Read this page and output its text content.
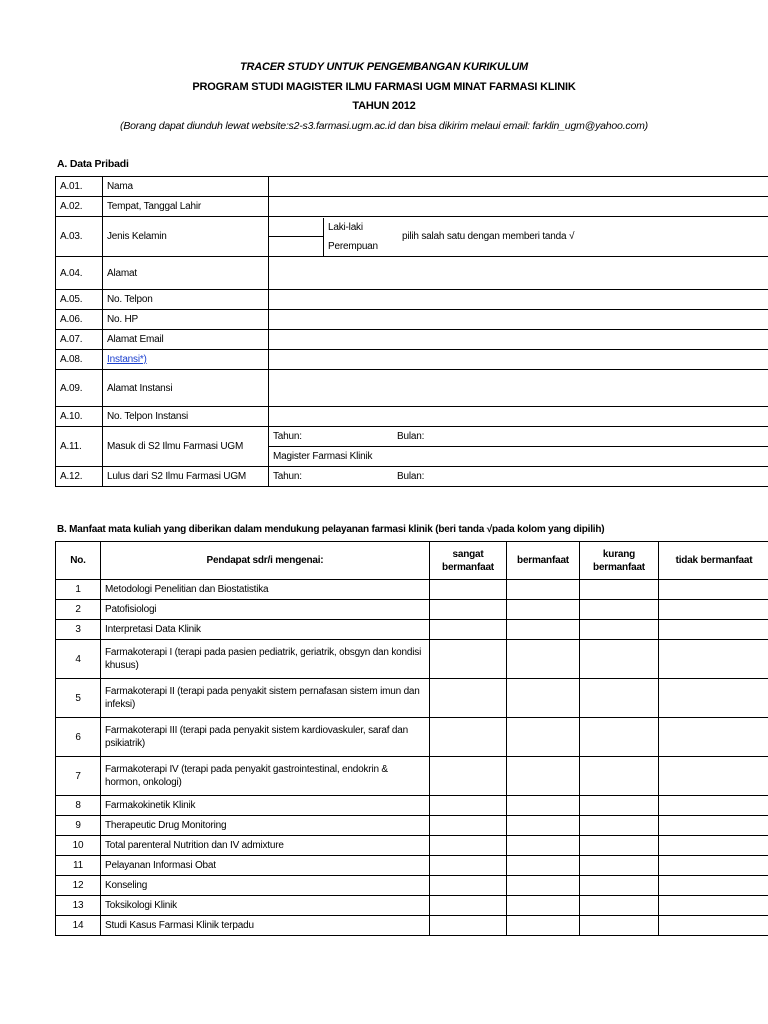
TRACER STUDY UNTUK PENGEMBANGAN KURIKULUM
PROGRAM STUDI MAGISTER ILMU FARMASI UGM MINAT FARMASI KLINIK
TAHUN 2012
(Borang dapat diunduh lewat website:s2-s3.farmasi.ugm.ac.id dan bisa dikirim melaui email: farklin_ugm@yahoo.com)
A. Data Pribadi
A.01.	Nama	
A.02.	Tempat, Tanggal Lahir	
A.03.	Jenis Kelamin	
	Laki-laki	pilih salah satu dengan memberi tanda √
	Perempuan

A.04.	Alamat	
A.05.	No. Telpon	
A.06.	No. HP	
A.07.	Alamat Email	
A.08.	Instansi*)	
A.09.	Alamat Instansi	
A.10.	No. Telpon Instansi	
A.11.	Masuk di S2 Ilmu Farmasi UGM	Tahun:	Bulan:
Magister Farmasi Klinik
A.12.	Lulus dari S2 Ilmu Farmasi UGM	Tahun:	Bulan:
B. Manfaat mata kuliah yang diberikan dalam mendukung pelayanan farmasi klinik (beri tanda √pada kolom yang dipilih)
No.	Pendapat sdr/i mengenai:	sangat bermanfaat	bermanfaat	kurang bermanfaat	tidak bermanfaat
1	Metodologi Penelitian dan Biostatistika				
2	Patofisiologi				
3	Interpretasi Data Klinik				
4	Farmakoterapi I (terapi pada pasien pediatrik, geriatrik, obsgyn dan kondisi khusus)				
5	Farmakoterapi II (terapi pada penyakit sistem pernafasan sistem imun dan infeksi)				
6	Farmakoterapi III (terapi pada penyakit sistem kardiovaskuler, saraf dan psikiatrik)				
7	Farmakoterapi IV (terapi pada penyakit gastrointestinal, endokrin & hormon, onkologi)				
8	Farmakokinetik Klinik				
9	Therapeutic Drug Monitoring				
10	Total parenteral Nutrition dan IV admixture				
11	Pelayanan Informasi Obat				
12	Konseling				
13	Toksikologi Klinik				
14	Studi Kasus Farmasi Klinik terpadu				
